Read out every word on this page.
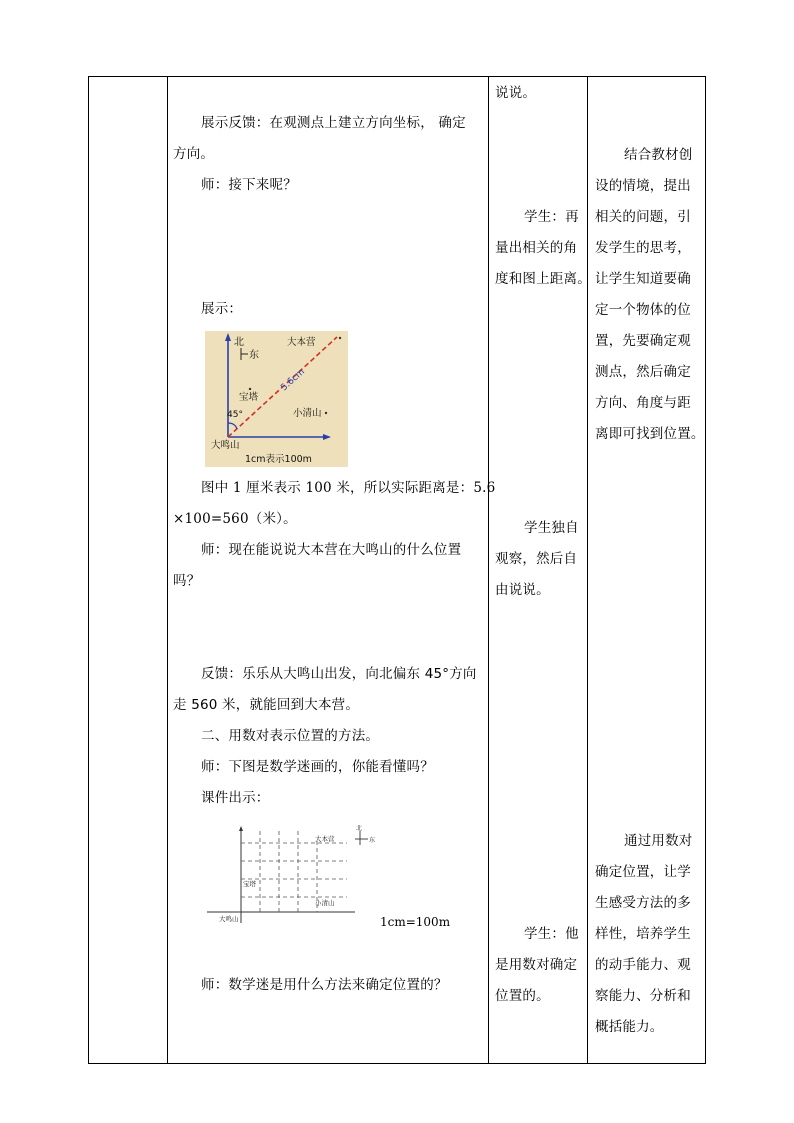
展示反馈：在观测点上建立方向坐标， 确定
方向。
师：接下来呢？
展示：
北
东
大本营
5.6cm
宝塔
45°	小清山
大鸣山
1cm表示100m
图中 1 厘米表示 100 米，所以实际距离是：5.6
×100=560（米）。
师：现在能说说大本营在大鸣山的什么位置
吗？
反馈：乐乐从大鸣山出发，向北偏东 45°方向
走 560 米，就能回到大本营。
二、用数对表示位置的方法。
师：下图是数学迷画的，你能看懂吗？
课件出示：
大本营
北
东
宝塔
小清山
大鸣山	1cm=100m
师：数学迷是用什么方法来确定位置的？
说说。
学生：再
量出相关的角
度和图上距离。
学生独自
观察，然后自
由说说。
学生：他
是用数对确定
位置的。
结合教材创
设的情境，提出
相关的问题，引
发学生的思考，
让学生知道要确
定一个物体的位
置，先要确定观
测点，然后确定
方向、角度与距
离即可找到位置。
通过用数对
确定位置，让学
生感受方法的多
样性，培养学生
的动手能力、观
察能力、分析和
概括能力。
